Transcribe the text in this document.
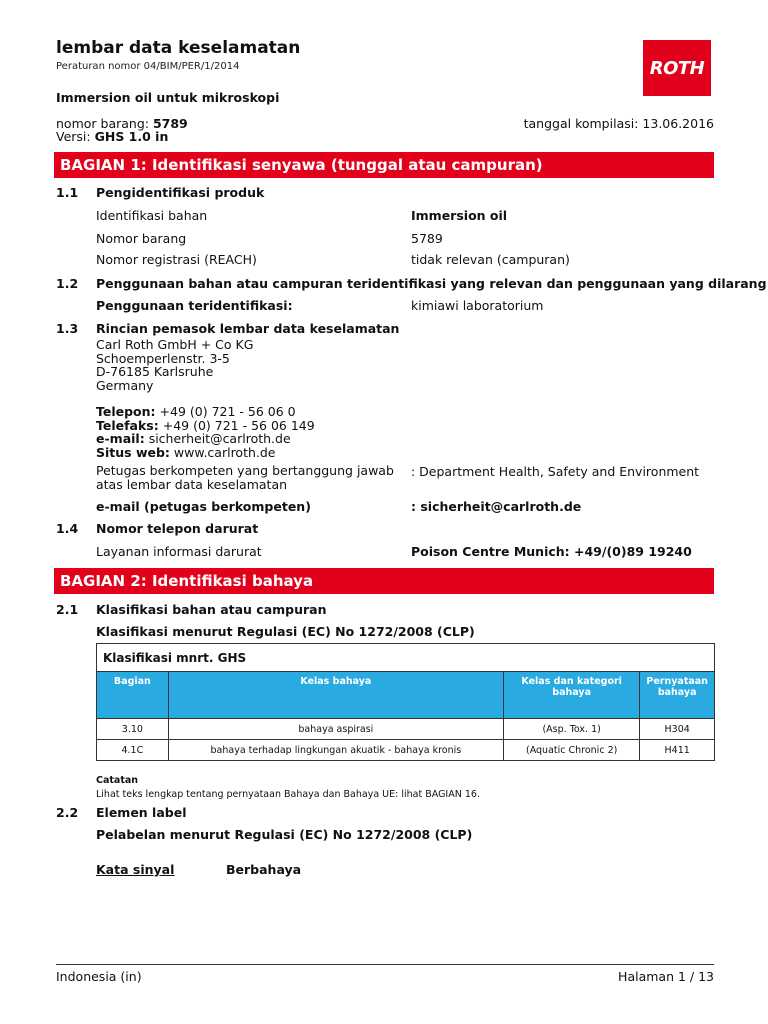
lembar data keselamatan
Peraturan nomor 04/BIM/PER/1/2014	ROTH
®
Immersion oil untuk mikroskopi
nomor barang: 5789
Versi: GHS 1.0 in
tanggal kompilasi: 13.06.2016
BAGIAN 1: Identifikasi senyawa (tunggal atau campuran)
1.1 Pengidentifikasi produk
Identifikasi bahan	Immersion oil
Nomor barang	5789
Nomor registrasi (REACH)	tidak relevan (campuran)
1.2 Penggunaan bahan atau campuran teridentifikasi yang relevan dan penggunaan yang dilarang
Penggunaan teridentifikasi:	kimiawi laboratorium
1.3 Rincian pemasok lembar data keselamatan
Carl Roth GmbH + Co KG
Schoemperlenstr. 3-5
D-76185 Karlsruhe
Germany
Telepon: +49 (0) 721 - 56 06 0
Telefaks: +49 (0) 721 - 56 06 149
e-mail: sicherheit@carlroth.de
Situs web: www.carlroth.de
Petugas berkompeten yang bertanggung jawab
atas lembar data keselamatan
: Department Health, Safety and Environment
e-mail (petugas berkompeten)	: sicherheit@carlroth.de
1.4 Nomor telepon darurat
Layanan informasi darurat	Poison Centre Munich: +49/(0)89 19240
BAGIAN 2: Identifikasi bahaya
2.1 Klasifikasi bahan atau campuran
Klasifikasi menurut Regulasi (EC) No 1272/2008 (CLP)
Klasifikasi mnrt. GHS			
Bagian	Kelas bahaya	Kelas dan kategori bahaya	Pernyataan bahaya
3.10	bahaya aspirasi	(Asp. Tox. 1)	H304
4.1C	bahaya terhadap lingkungan akuatik - bahaya kronis	(Aquatic Chronic 2)	H411
Catatan
Lihat teks lengkap tentang pernyataan Bahaya dan Bahaya UE: lihat BAGIAN 16.
2.2 Elemen label
Pelabelan menurut Regulasi (EC) No 1272/2008 (CLP)
Kata sinyal	Berbahaya
Indonesia (in)	Halaman 1 / 13
